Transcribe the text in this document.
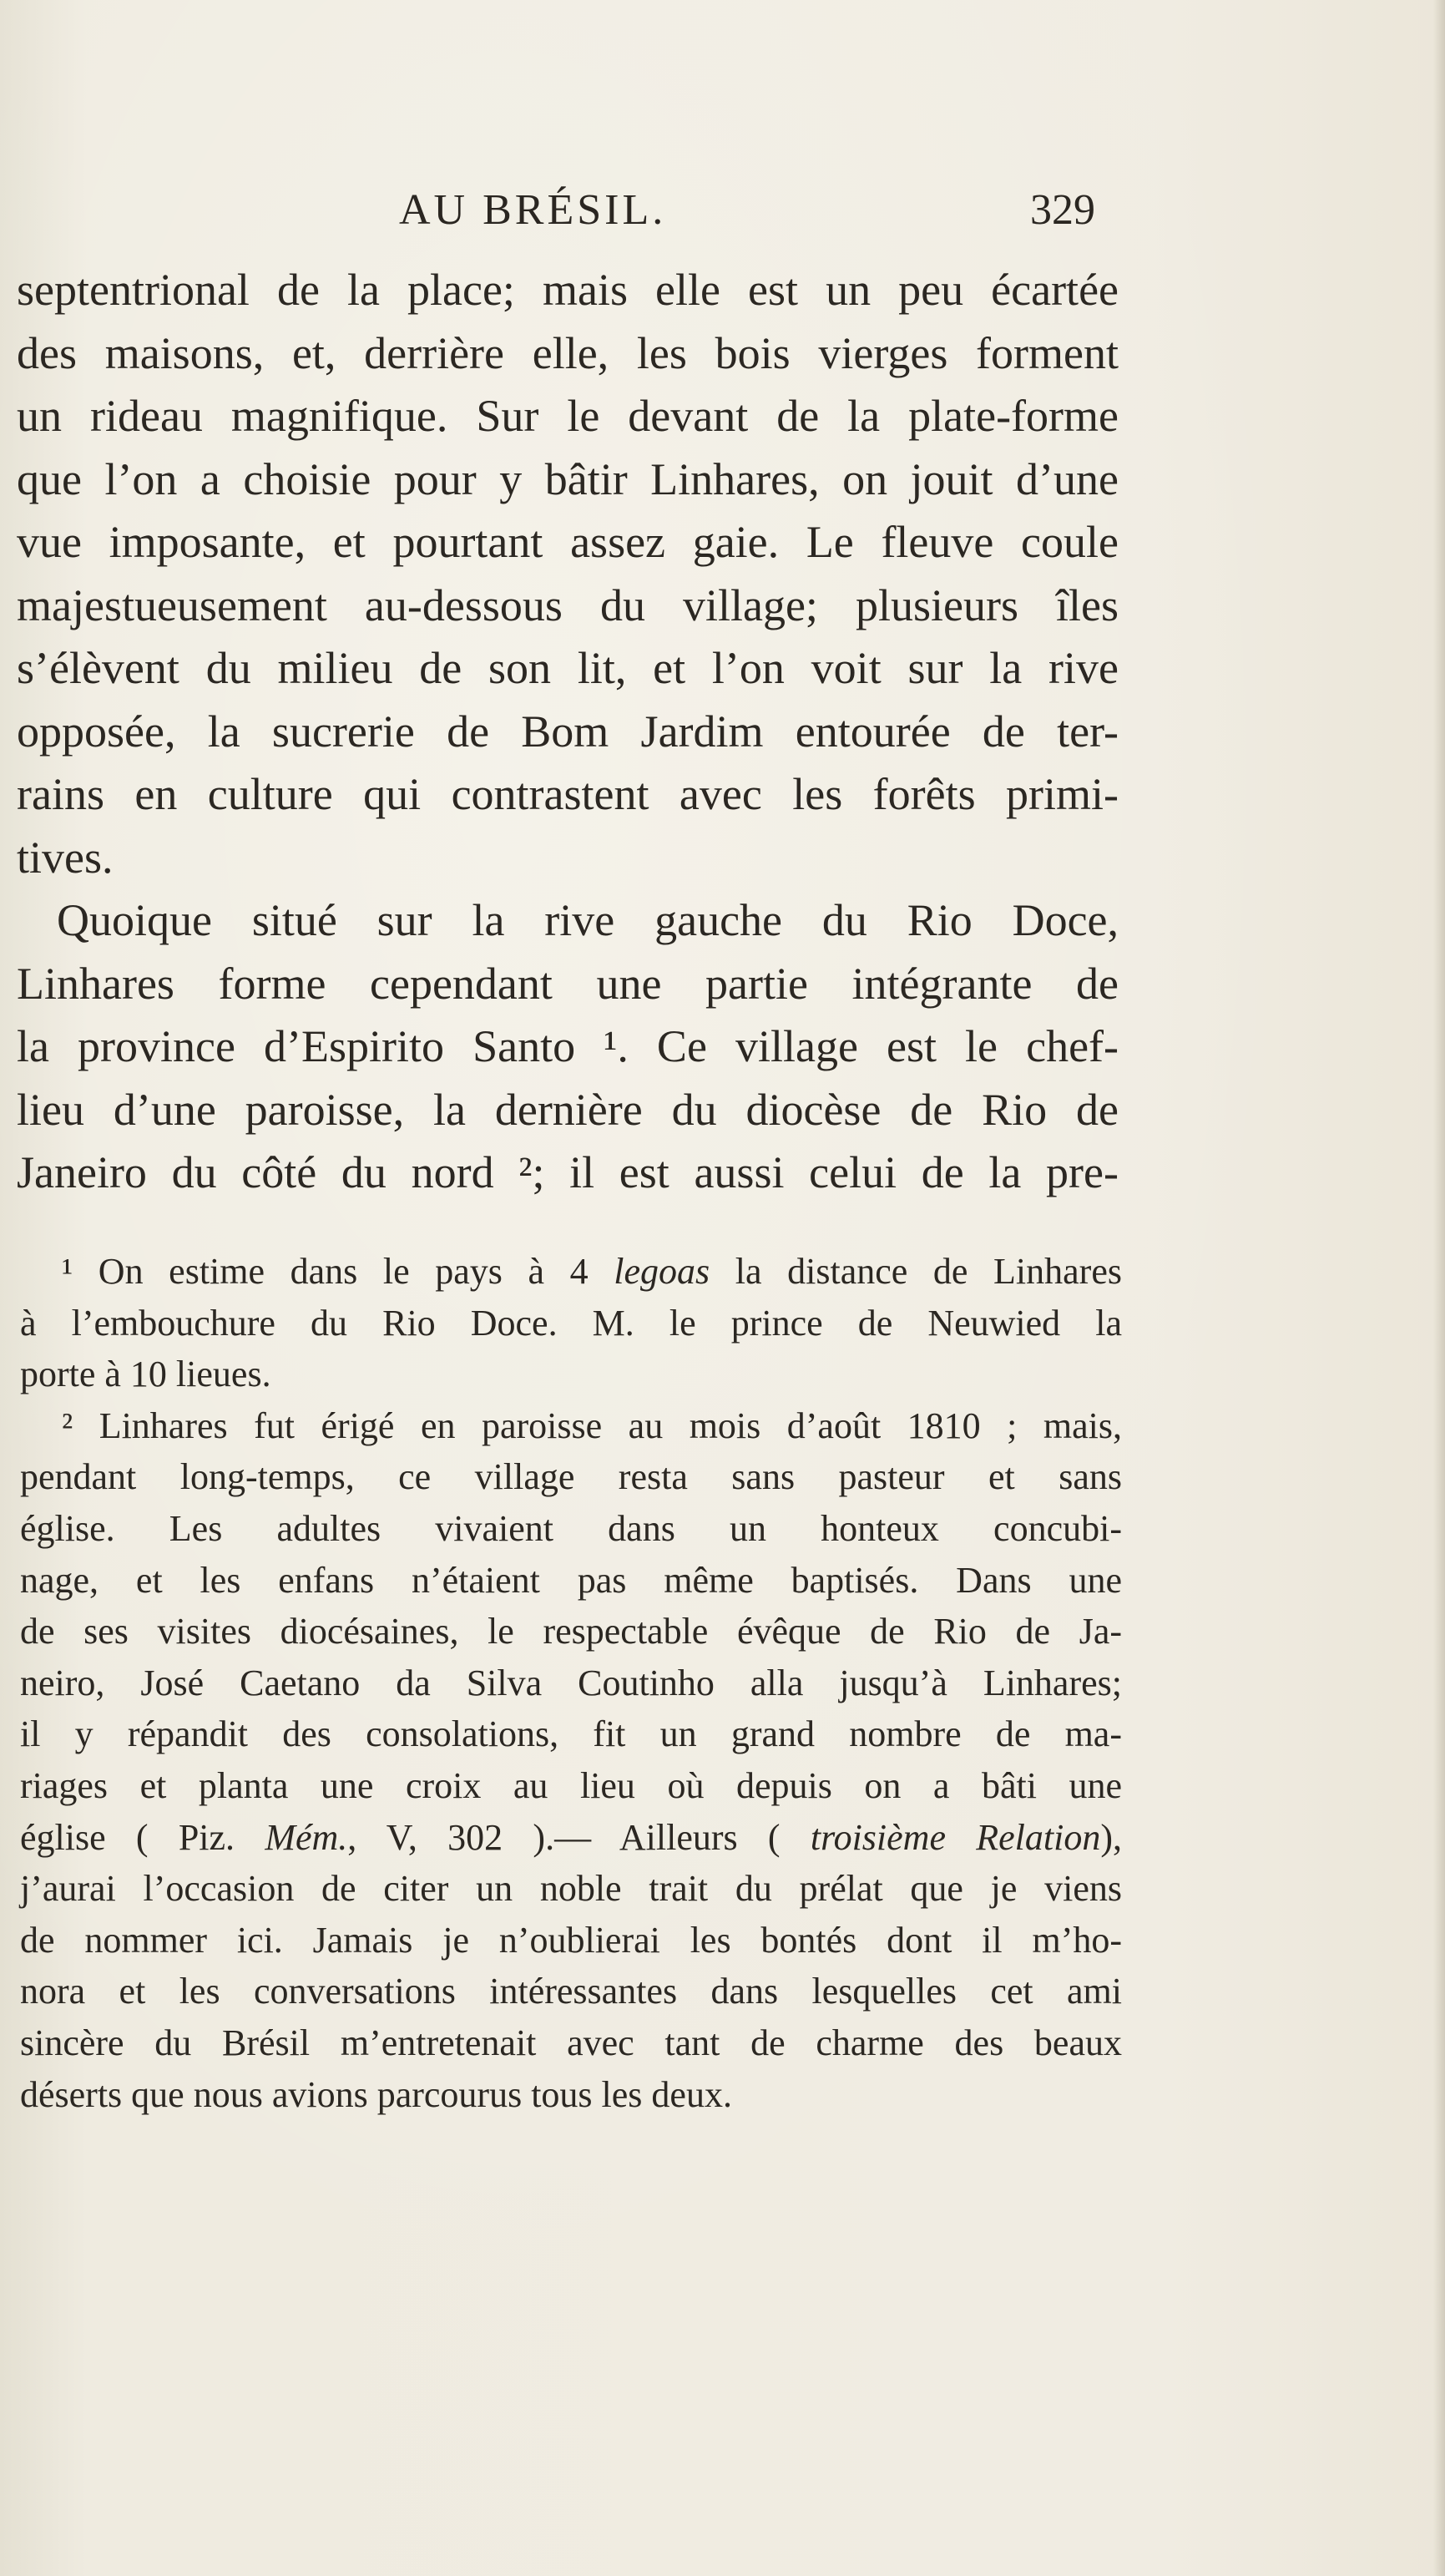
AU BRÉSIL.	329
septentrional de la place; mais elle est un peu écartée
des maisons, et, derrière elle, les bois vierges forment
un rideau magnifique. Sur le devant de la plate-forme
que l’on a choisie pour y bâtir Linhares, on jouit d’une
vue imposante, et pourtant assez gaie. Le fleuve coule
majestueusement au-dessous du village; plusieurs îles
s’élèvent du milieu de son lit, et l’on voit sur la rive
opposée, la sucrerie de Bom Jardim entourée de ter-
rains en culture qui contrastent avec les forêts primi-
tives.
Quoique situé sur la rive gauche du Rio Doce,
Linhares forme cependant une partie intégrante de
la province d’Espirito Santo ¹. Ce village est le chef-
lieu d’une paroisse, la dernière du diocèse de Rio de
Janeiro du côté du nord ²; il est aussi celui de la pre-
¹ On estime dans le pays à 4 legoas la distance de Linhares
à l’embouchure du Rio Doce. M. le prince de Neuwied la
porte à 10 lieues.
² Linhares fut érigé en paroisse au mois d’août 1810 ; mais,
pendant long-temps, ce village resta sans pasteur et sans
église. Les adultes vivaient dans un honteux concubi-
nage, et les enfans n’étaient pas même baptisés. Dans une
de ses visites diocésaines, le respectable évêque de Rio de Ja-
neiro, José Caetano da Silva Coutinho alla jusqu’à Linhares;
il y répandit des consolations, fit un grand nombre de ma-
riages et planta une croix au lieu où depuis on a bâti une
église ( Piz. Mém., V, 302 ).— Ailleurs ( troisième Relation),
j’aurai l’occasion de citer un noble trait du prélat que je viens
de nommer ici. Jamais je n’oublierai les bontés dont il m’ho-
nora et les conversations intéressantes dans lesquelles cet ami
sincère du Brésil m’entretenait avec tant de charme des beaux
déserts que nous avions parcourus tous les deux.
